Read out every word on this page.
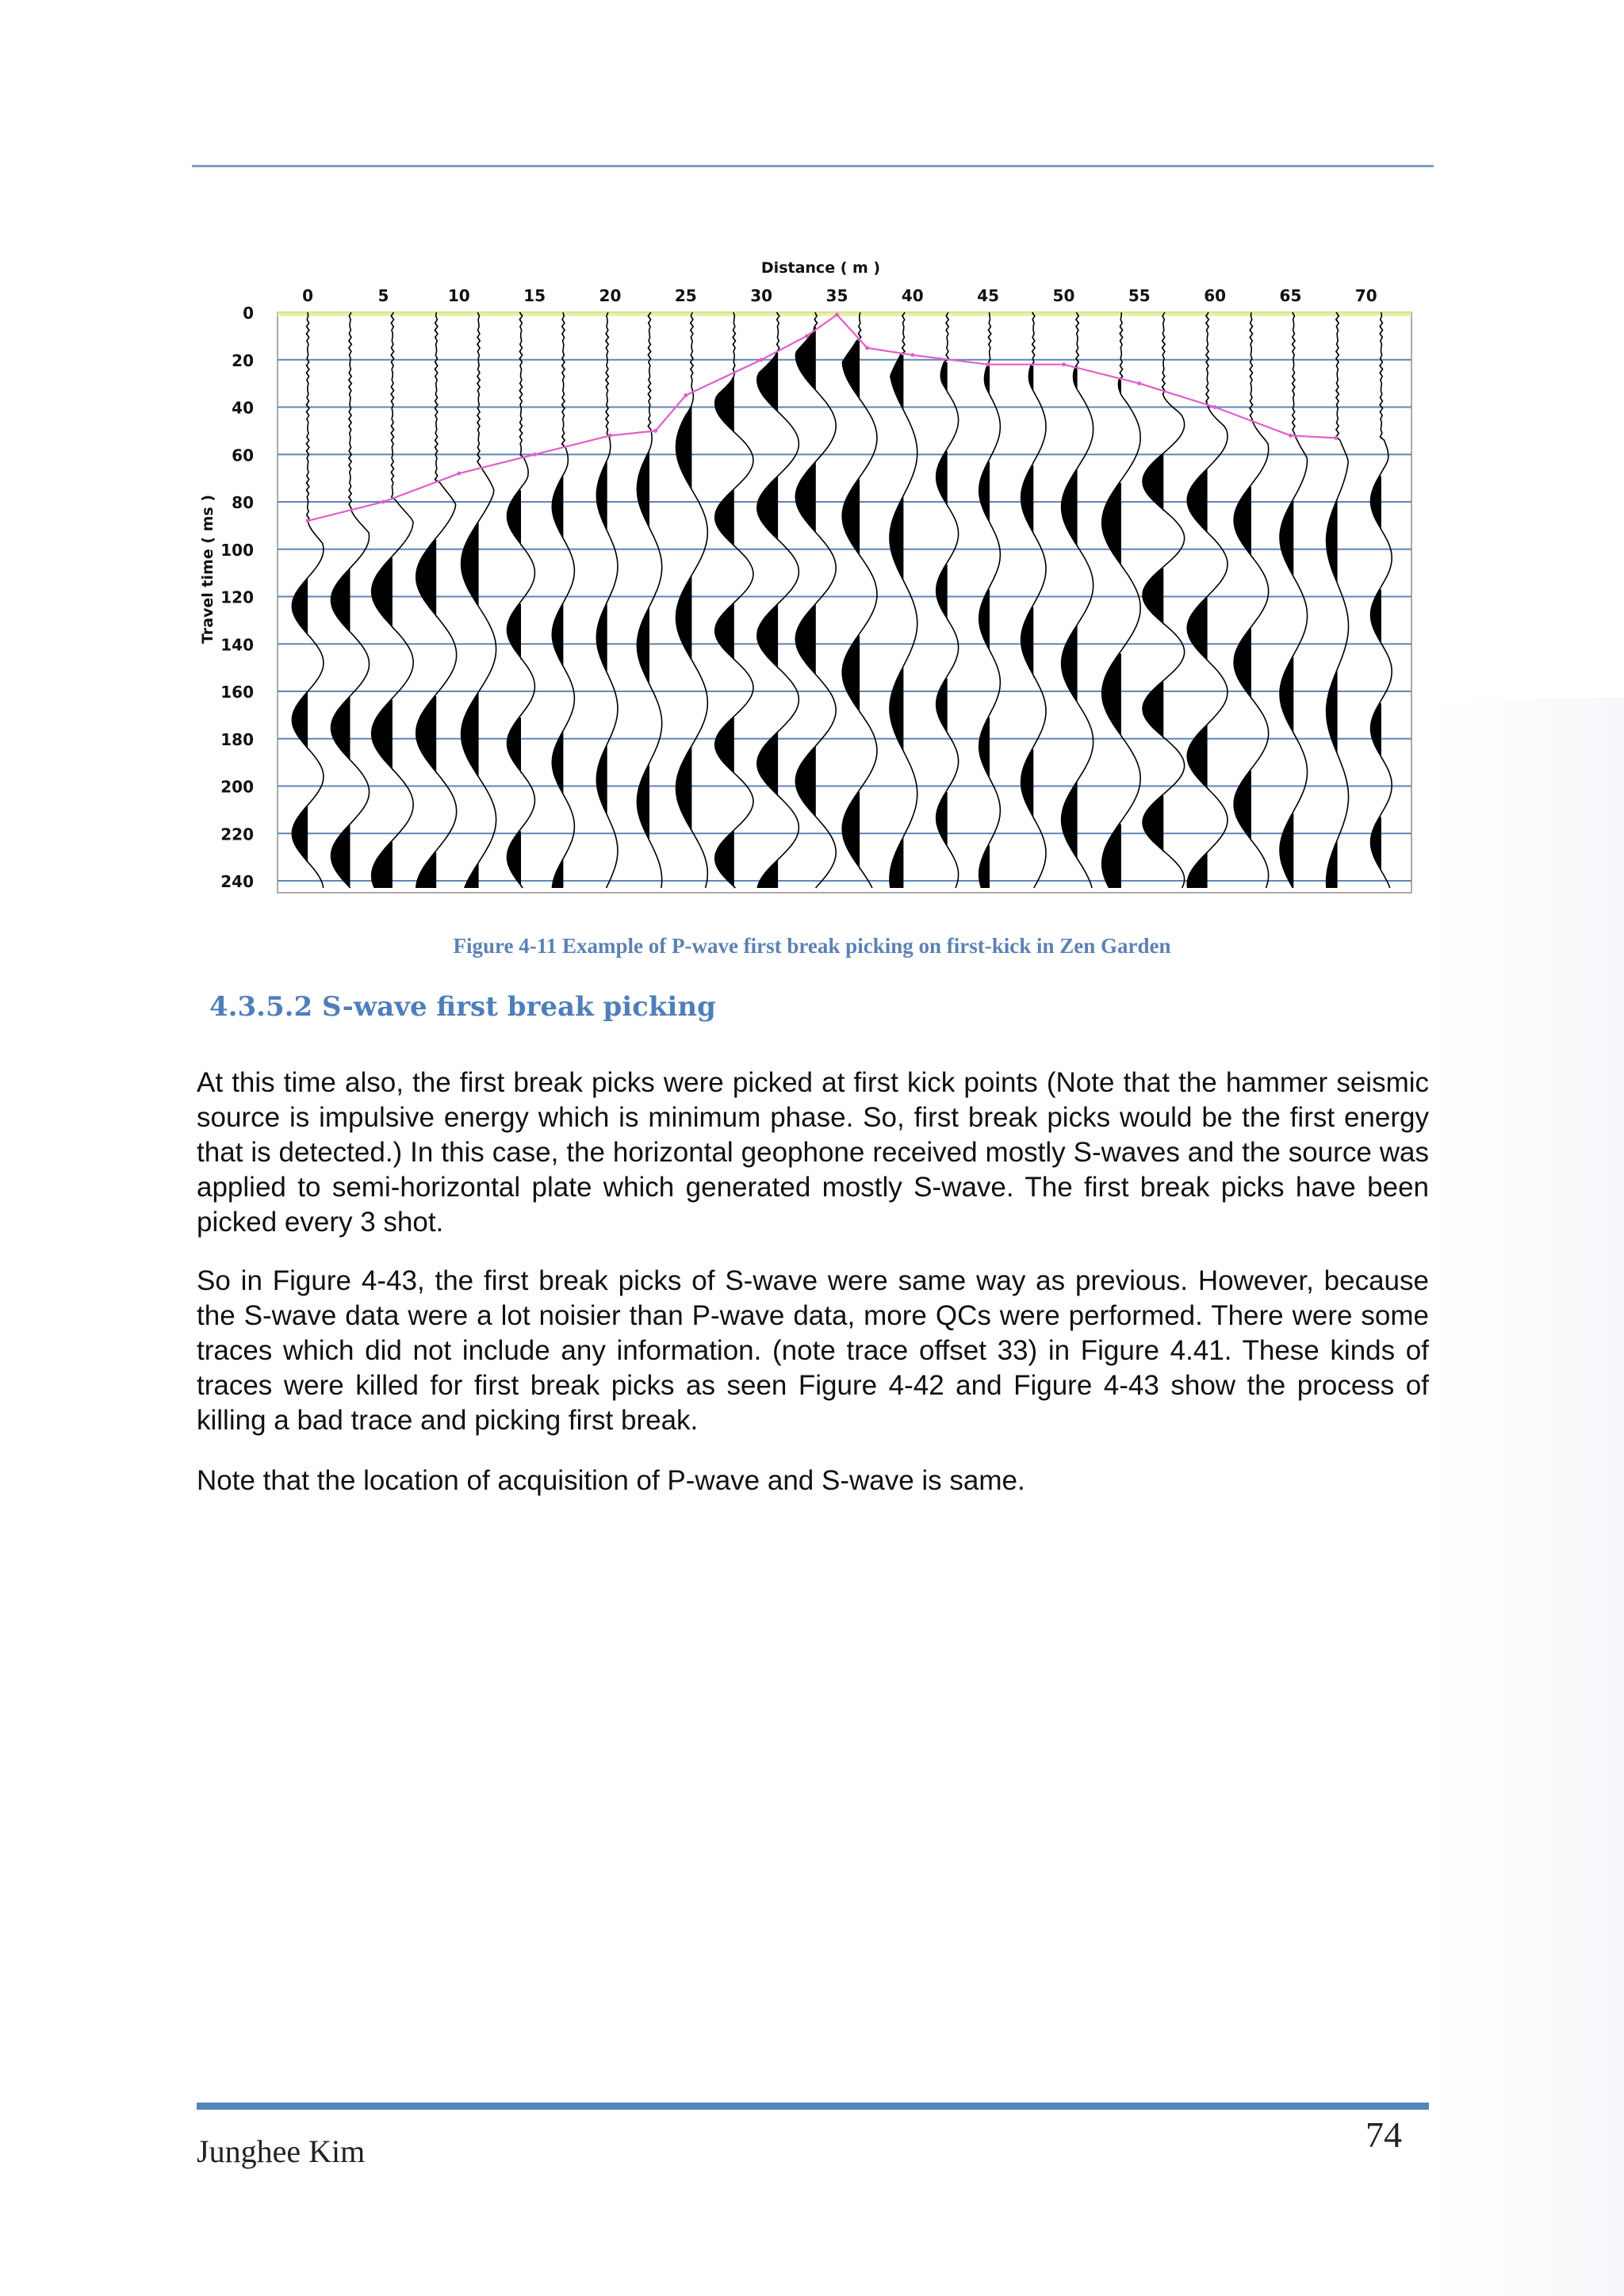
0
20
40
60
80
100
120
140
160
180
200
220
240
0	5	10	15	20	25	30	35	40	45	50	55	60	65	70
Distance ( m )
Travel time ( ms )
Figure 4-11 Example of P-wave first break picking on first-kick in Zen Garden
4.3.5.2 S-wave first break picking

At this time also, the first break picks were picked at first kick points (Note that the hammer seismic source is impulsive energy which is minimum phase. So, first break picks would be the first energy that is detected.) In this case, the horizontal geophone received mostly S-waves and the source was applied to semi-horizontal plate which generated mostly S-wave. The first break picks have been picked every 3 shot.

So in Figure 4-43, the first break picks of S-wave were same way as previous. However, because the S-wave data were a lot noisier than P-wave data, more QCs were performed. There were some traces which did not include any information. (note trace offset 33) in Figure 4.41. These kinds of traces were killed for first break picks as seen Figure 4-42 and Figure 4-43 show the process of killing a bad trace and picking first break.

Note that the location of acquisition of P-wave and S-wave is same.

Junghee Kim	74
